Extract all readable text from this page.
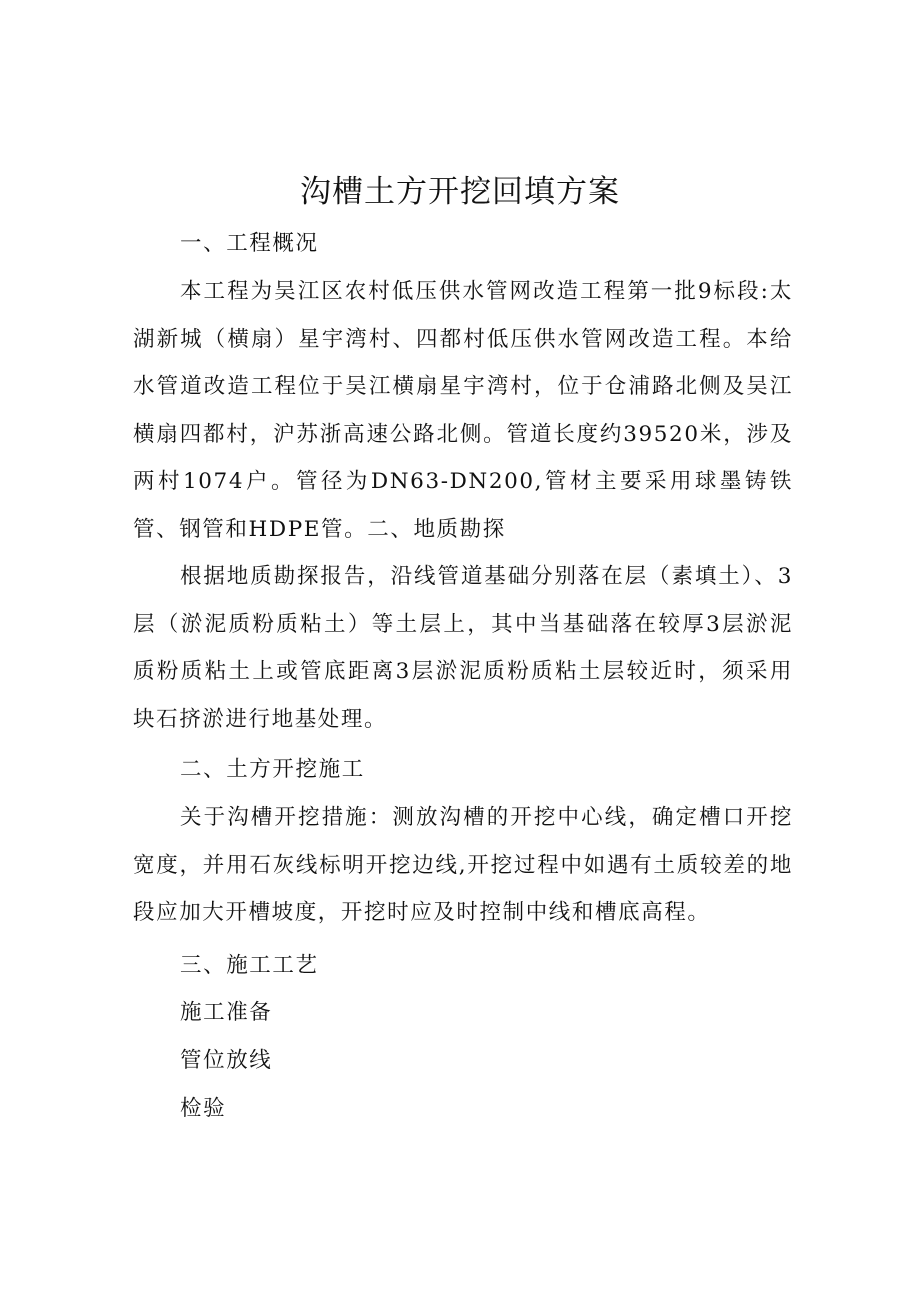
沟槽土方开挖回填方案

一、工程概况

本工程为吴江区农村低压供水管网改造工程第一批9标段:太湖新城（横扇）星宇湾村、四都村低压供水管网改造工程。本给水管道改造工程位于吴江横扇星宇湾村，位于仓浦路北侧及吴江横扇四都村，沪苏浙高速公路北侧。管道长度约39520米，涉及两村1074户。管径为DN63-DN200,管材主要采用球墨铸铁管、钢管和HDPE管。二、地质勘探

根据地质勘探报告，沿线管道基础分别落在层（素填土）、3层（淤泥质粉质粘土）等土层上，其中当基础落在较厚3层淤泥质粉质粘土上或管底距离3层淤泥质粉质粘土层较近时，须采用块石挤淤进行地基处理。

二、土方开挖施工

关于沟槽开挖措施：测放沟槽的开挖中心线，确定槽口开挖宽度，并用石灰线标明开挖边线,开挖过程中如遇有土质较差的地段应加大开槽坡度，开挖时应及时控制中线和槽底高程。

三、施工工艺

施工准备

管位放线

检验
